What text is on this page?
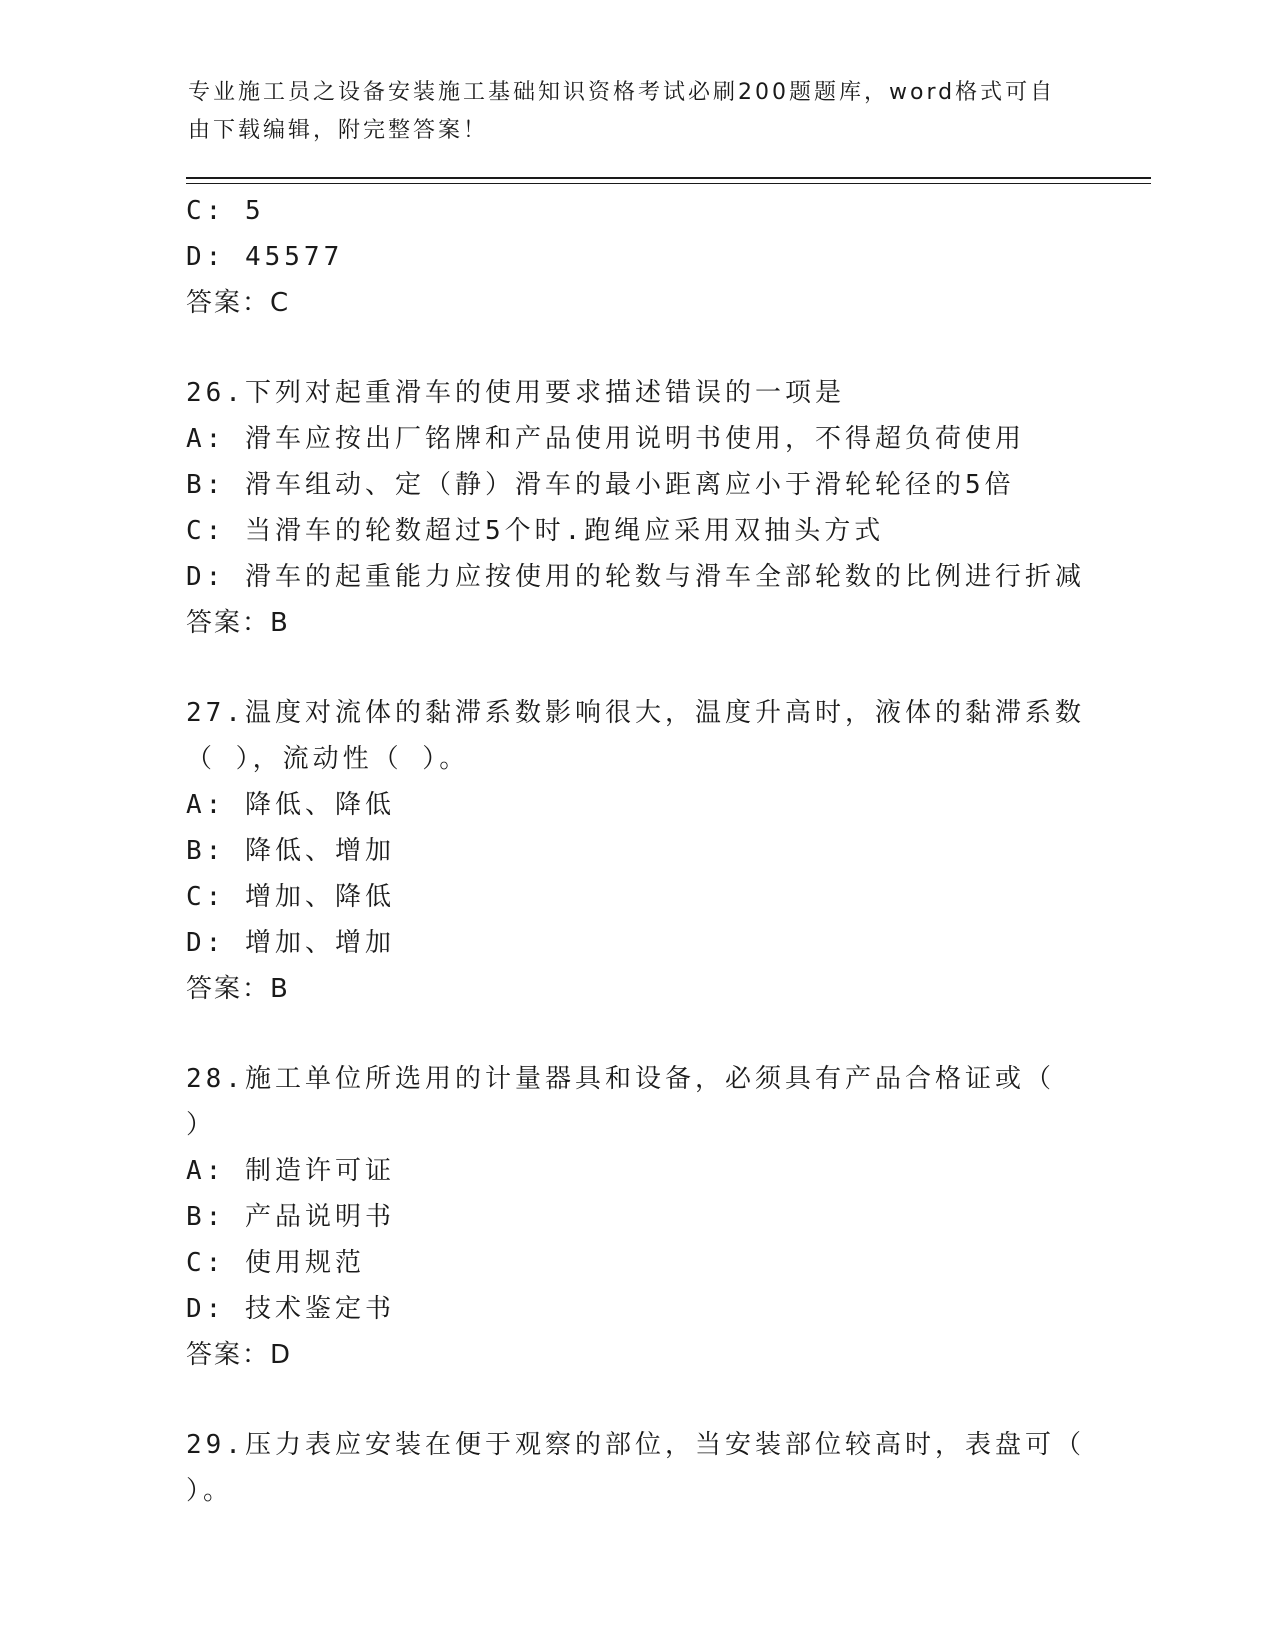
专业施工员之设备安装施工基础知识资格考试必刷200题题库，word格式可自由下载编辑，附完整答案！
C: 5
D: 45577
答案：C
26.下列对起重滑车的使用要求描述错误的一项是
A: 滑车应按出厂铭牌和产品使用说明书使用，不得超负荷使用
B: 滑车组动、定（静）滑车的最小距离应小于滑轮轮径的5倍
C: 当滑车的轮数超过5个时.跑绳应采用双抽头方式
D: 滑车的起重能力应按使用的轮数与滑车全部轮数的比例进行折减
答案：B
27.温度对流体的黏滞系数影响很大，温度升高时，液体的黏滞系数（ ），流动性（ ）。
A: 降低、降低
B: 降低、增加
C: 增加、降低
D: 增加、增加
答案：B
28.施工单位所选用的计量器具和设备，必须具有产品合格证或（ ）
A: 制造许可证
B: 产品说明书
C: 使用规范
D: 技术鉴定书
答案：D
29.压力表应安装在便于观察的部位，当安装部位较高时，表盘可（ ）。
